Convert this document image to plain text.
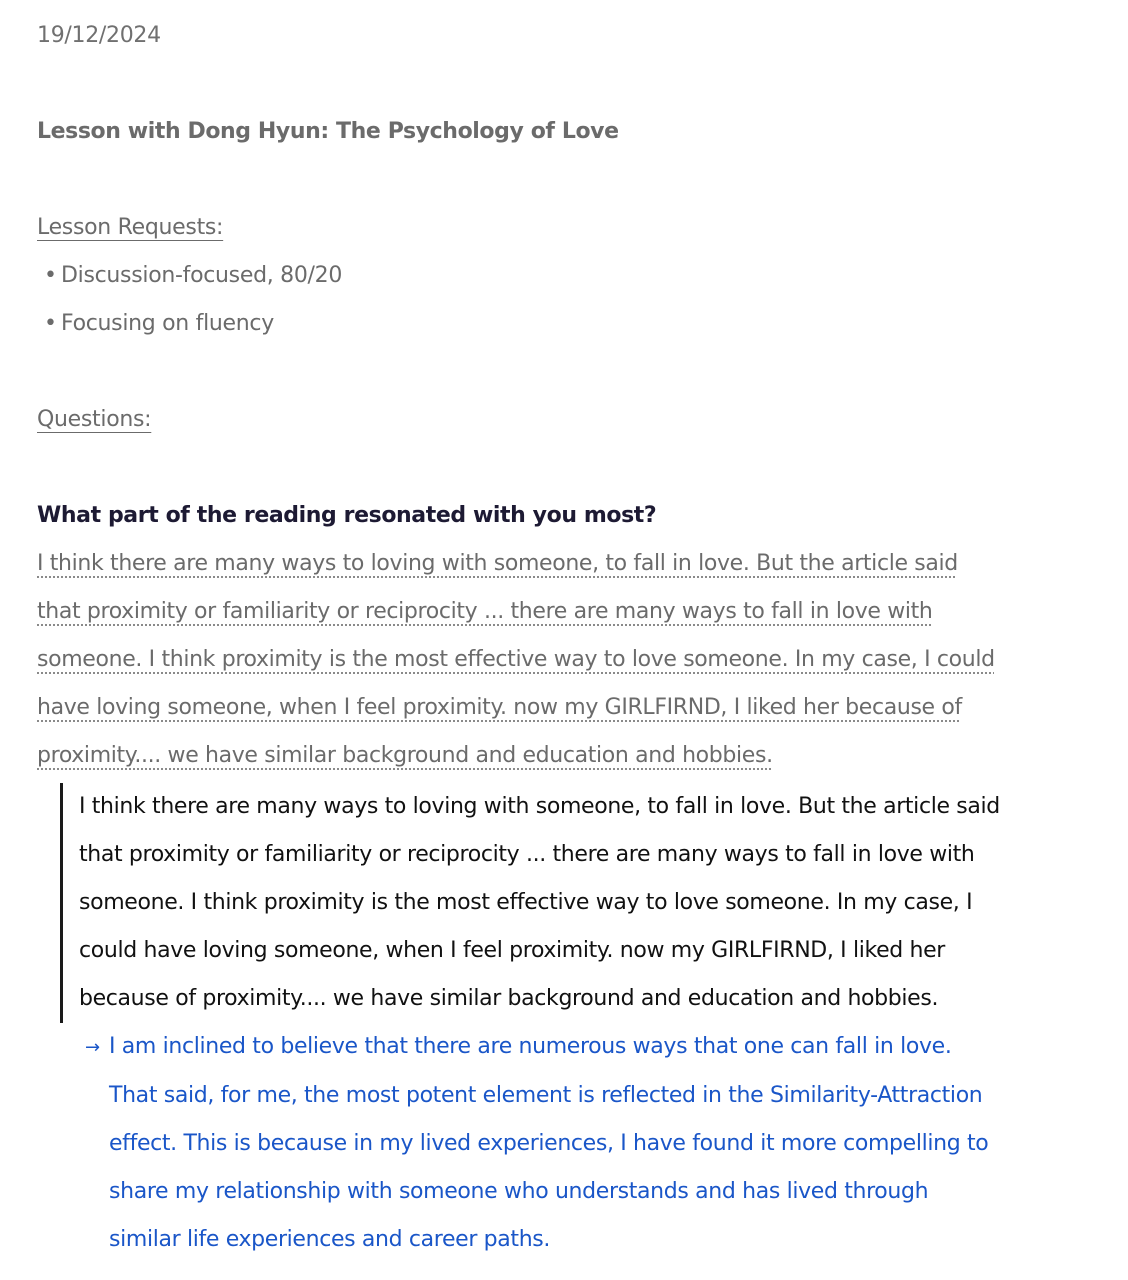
19/12/2024
Lesson with Dong Hyun: The Psychology of Love
Lesson Requests:
• Discussion-focused, 80/20
• Focusing on fluency
Questions:
What part of the reading resonated with you most?
I think there are many ways to loving with someone, to fall in love. But the article said
that proximity or familiarity or reciprocity ... there are many ways to fall in love with
someone. I think proximity is the most effective way to love someone. In my case, I could
have loving someone, when I feel proximity. now my GIRLFIRND, I liked her because of
proximity.... we have similar background and education and hobbies.
I think there are many ways to loving with someone, to fall in love. But the article said
that proximity or familiarity or reciprocity ... there are many ways to fall in love with
someone. I think proximity is the most effective way to love someone. In my case, I
could have loving someone, when I feel proximity. now my GIRLFIRND, I liked her
because of proximity.... we have similar background and education and hobbies.
→ I am inclined to believe that there are numerous ways that one can fall in love.
That said, for me, the most potent element is reflected in the Similarity-Attraction
effect. This is because in my lived experiences, I have found it more compelling to
share my relationship with someone who understands and has lived through
similar life experiences and career paths.
